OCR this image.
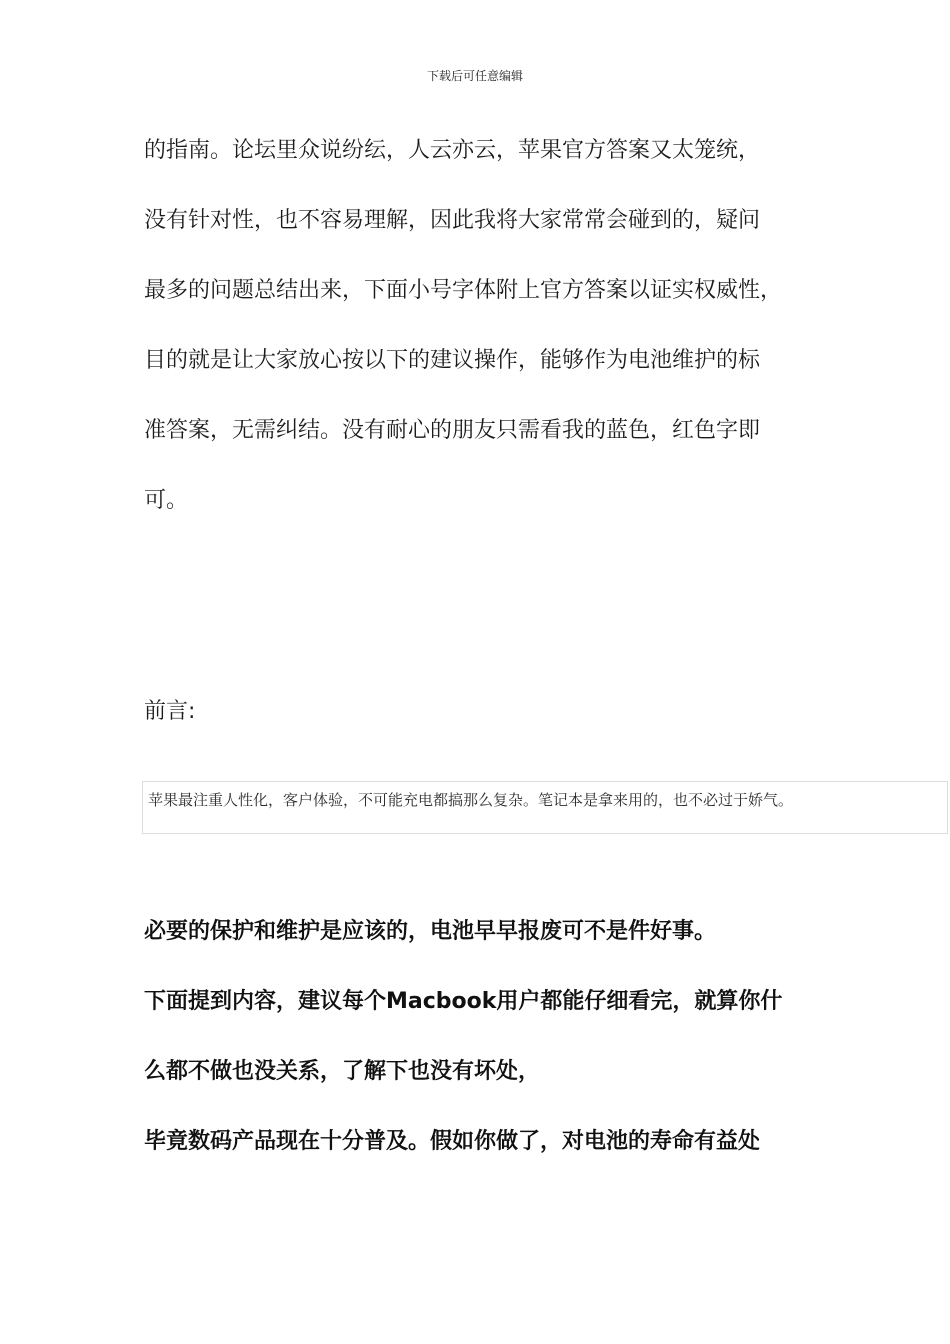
下载后可任意编辑
的指南。论坛里众说纷纭，人云亦云，苹果官方答案又太笼统，
没有针对性，也不容易理解，因此我将大家常常会碰到的，疑问
最多的问题总结出来，下面小号字体附上官方答案以证实权威性，
目的就是让大家放心按以下的建议操作，能够作为电池维护的标
准答案，无需纠结。没有耐心的朋友只需看我的蓝色，红色字即
可。
前言:
苹果最注重人性化，客户体验，不可能充电都搞那么复杂。笔记本是拿来用的，也不必过于娇气。
必要的保护和维护是应该的，电池早早报废可不是件好事。
下面提到内容，建议每个Macbook用户都能仔细看完，就算你什
么都不做也没关系，了解下也没有坏处，
毕竟数码产品现在十分普及。假如你做了，对电池的寿命有益处
